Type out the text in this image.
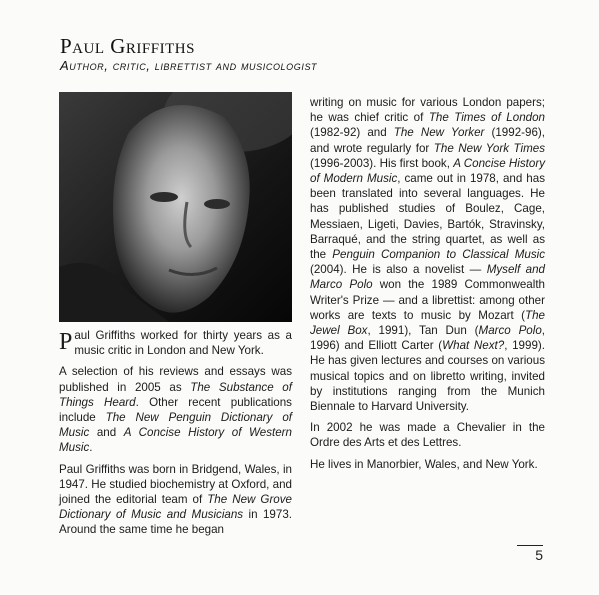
Paul Griffiths
Author, critic, librettist and musicologist

Paul Griffiths worked for thirty years as a music critic in London and New York.

A selection of his reviews and essays was published in 2005 as The Substance of Things Heard. Other recent publications include The New Penguin Dictionary of Music and A Concise History of Western Music.

Paul Griffiths was born in Bridgend, Wales, in 1947. He studied biochemistry at Oxford, and joined the editorial team of The New Grove Dictionary of Music and Musicians in 1973. Around the same time he began

writing on music for various London papers; he was chief critic of The Times of London (1982-92) and The New Yorker (1992-96), and wrote regularly for The New York Times (1996-2003). His first book, A Concise History of Modern Music, came out in 1978, and has been translated into several languages. He has published studies of Boulez, Cage, Messiaen, Ligeti, Davies, Bartók, Stravinsky, Barraqué, and the string quartet, as well as the Penguin Companion to Classical Music (2004). He is also a novelist — Myself and Marco Polo won the 1989 Commonwealth Writer's Prize — and a librettist: among other works are texts to music by Mozart (The Jewel Box, 1991), Tan Dun (Marco Polo, 1996) and Elliott Carter (What Next?, 1999). He has given lectures and courses on various musical topics and on libretto writing, invited by institutions ranging from the Munich Biennale to Harvard University.

In 2002 he was made a Chevalier in the Ordre des Arts et des Lettres.

He lives in Manorbier, Wales, and New York.

5
